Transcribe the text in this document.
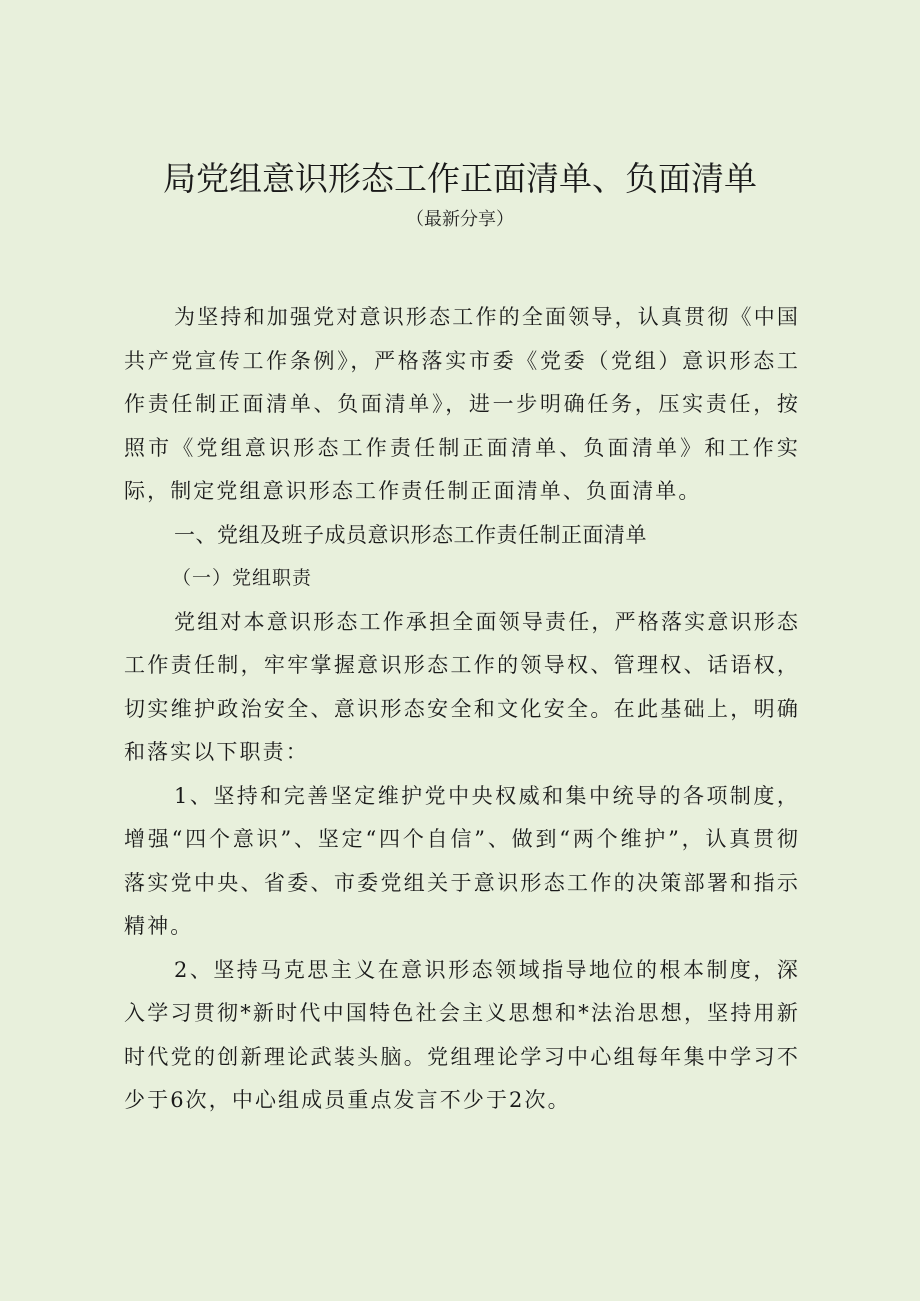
局党组意识形态工作正面清单、负面清单
（最新分享）

为坚持和加强党对意识形态工作的全面领导，认真贯彻《中国共产党宣传工作条例》，严格落实市委《党委（党组）意识形态工作责任制正面清单、负面清单》，进一步明确任务，压实责任，按照市《党组意识形态工作责任制正面清单、负面清单》和工作实际，制定党组意识形态工作责任制正面清单、负面清单。

一、党组及班子成员意识形态工作责任制正面清单

（一）党组职责

党组对本意识形态工作承担全面领导责任，严格落实意识形态工作责任制，牢牢掌握意识形态工作的领导权、管理权、话语权，切实维护政治安全、意识形态安全和文化安全。在此基础上，明确和落实以下职责：

1、坚持和完善坚定维护党中央权威和集中统导的各项制度，增强“四个意识”、坚定“四个自信”、做到“两个维护”，认真贯彻落实党中央、省委、市委党组关于意识形态工作的决策部署和指示精神。

2、坚持马克思主义在意识形态领域指导地位的根本制度，深入学习贯彻*新时代中国特色社会主义思想和*法治思想，坚持用新时代党的创新理论武装头脑。党组理论学习中心组每年集中学习不少于6次，中心组成员重点发言不少于2次。
